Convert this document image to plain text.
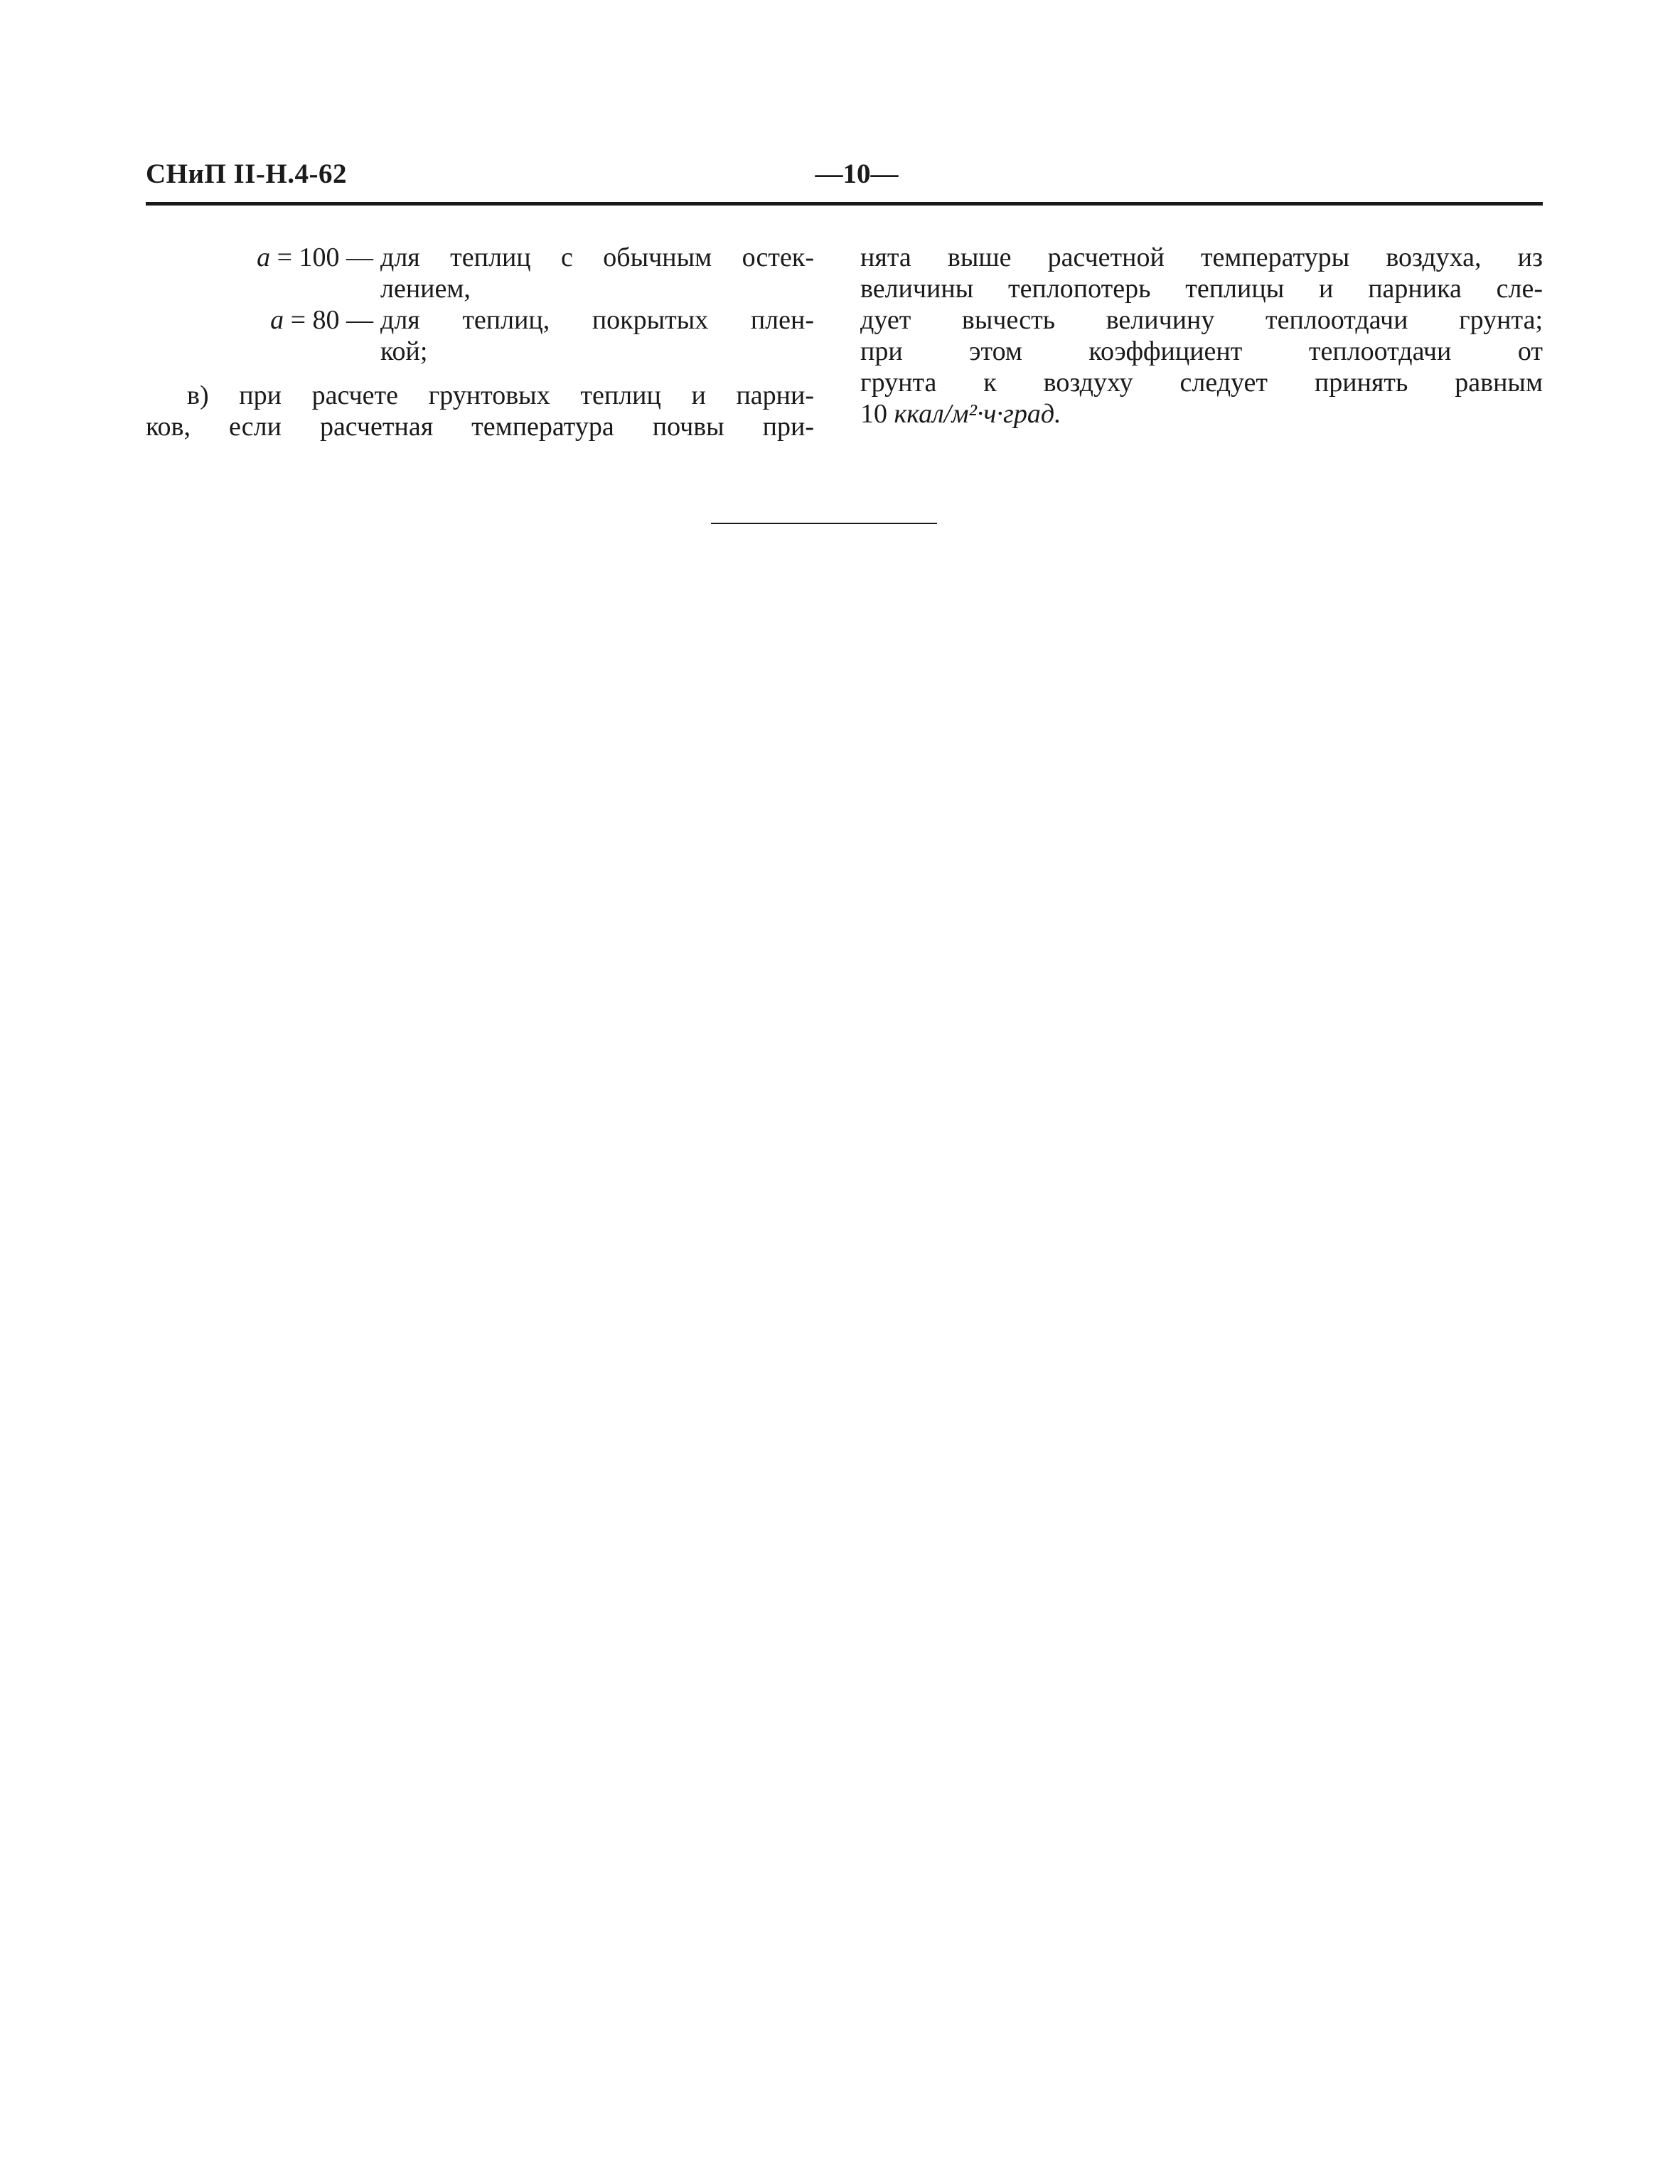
СНиП II-Н.4-62	—10—
a = 100 — для теплиц с обычным остек-
лением,
a = 80 — для теплиц, покрытых плен-
кой;
в) при расчете грунтовых теплиц и парни-
ков, если расчетная температура почвы при-
нята выше расчетной температуры воздуха, из
величины теплопотерь теплицы и парника сле-
дует вычесть величину теплоотдачи грунта;
при этом коэффициент теплоотдачи от
грунта к воздуху следует принять равным
10 ккал/м²·ч·град.
